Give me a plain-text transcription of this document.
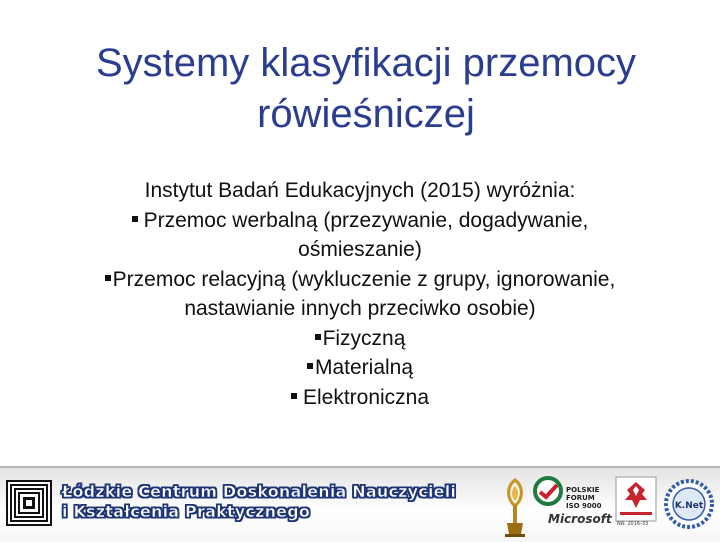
Systemy klasyfikacji przemocy
rówieśniczej
Instytut Badań Edukacyjnych (2015) wyróżnia:
Przemoc werbalną (przezywanie, dogadywanie,
ośmieszanie)
Przemoc relacyjną (wykluczenie z grupy, ignorowanie,
nastawianie innych przeciwko osobie)
Fizyczną
Materialną
Elektroniczna
Łódzkie Centrum Doskonalenia Nauczycieli
i Kształcenia Praktycznego
POLSKIE
FORUM
ISO 9000
Microsoft NR: 2016-33
K.Net
